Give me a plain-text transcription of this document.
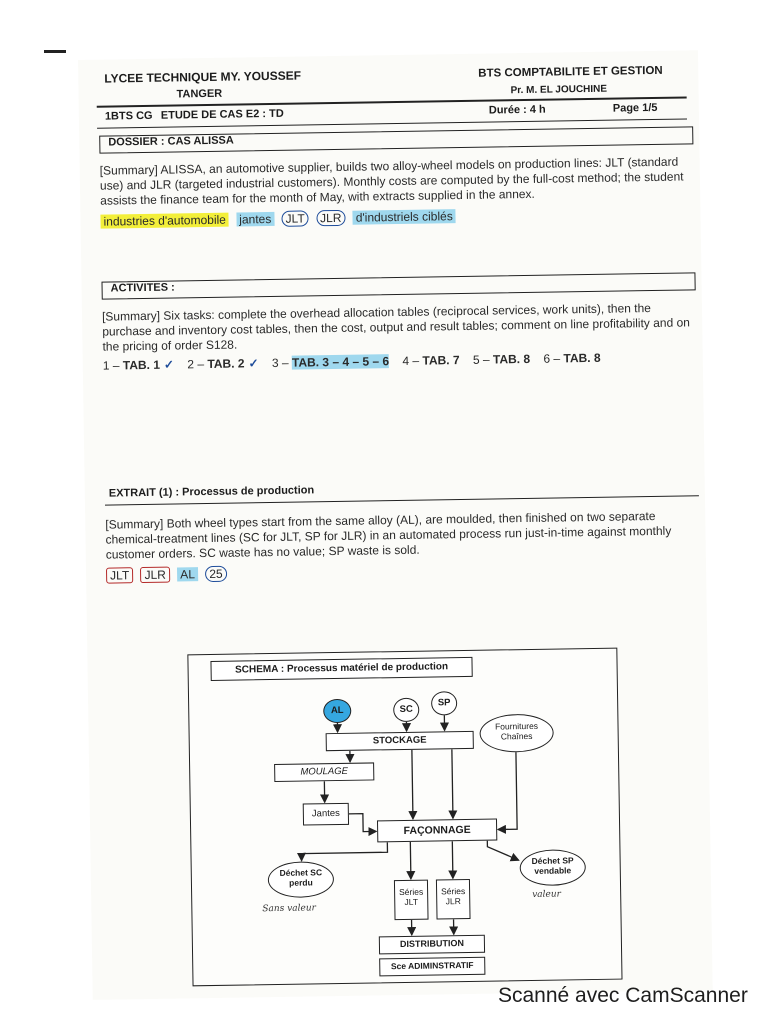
LYCEE TECHNIQUE MY. YOUSSEF
TANGER
BTS COMPTABILITE ET GESTION
Pr. M. EL JOUCHINE
1BTS CG ETUDE DE CAS E2 : TD	Durée : 4 h	Page 1/5
DOSSIER : CAS ALISSA
[Summary] ALISSA, an automotive supplier, builds two alloy-wheel models on production lines: JLT (standard use) and JLR (targeted industrial customers). Monthly costs are computed by the full-cost method; the student assists the finance team for the month of May, with extracts supplied in the annex.
industries d'automobile jantes JLT JLR d'industriels ciblés
ACTIVITES :
[Summary] Six tasks: complete the overhead allocation tables (reciprocal services, work units), then the purchase and inventory cost tables, then the cost, output and result tables; comment on line profitability and on the pricing of order S128.
1 – TAB. 1 ✓ 2 – TAB. 2 ✓ 3 – TAB. 3 – 4 – 5 – 6 4 – TAB. 7 5 – TAB. 8 6 – TAB. 8
EXTRAIT (1) : Processus de production
[Summary] Both wheel types start from the same alloy (AL), are moulded, then finished on two separate chemical-treatment lines (SC for JLT, SP for JLR) in an automated process run just-in-time against monthly customer orders. SC waste has no value; SP waste is sold.
JLT JLR AL 25
SCHEMA : Processus matériel de production
AL	SC
SP
Fournitures
Chaînes
STOCKAGE
MOULAGE
Jantes
FAÇONNAGE
Déchet SC
perdu
Déchet SP
vendable
Séries
JLT
Séries
JLR
DISTRIBUTION
Sce ADIMINSTRATIF
Sans valeur
valeur
Scanné avec CamScanner
